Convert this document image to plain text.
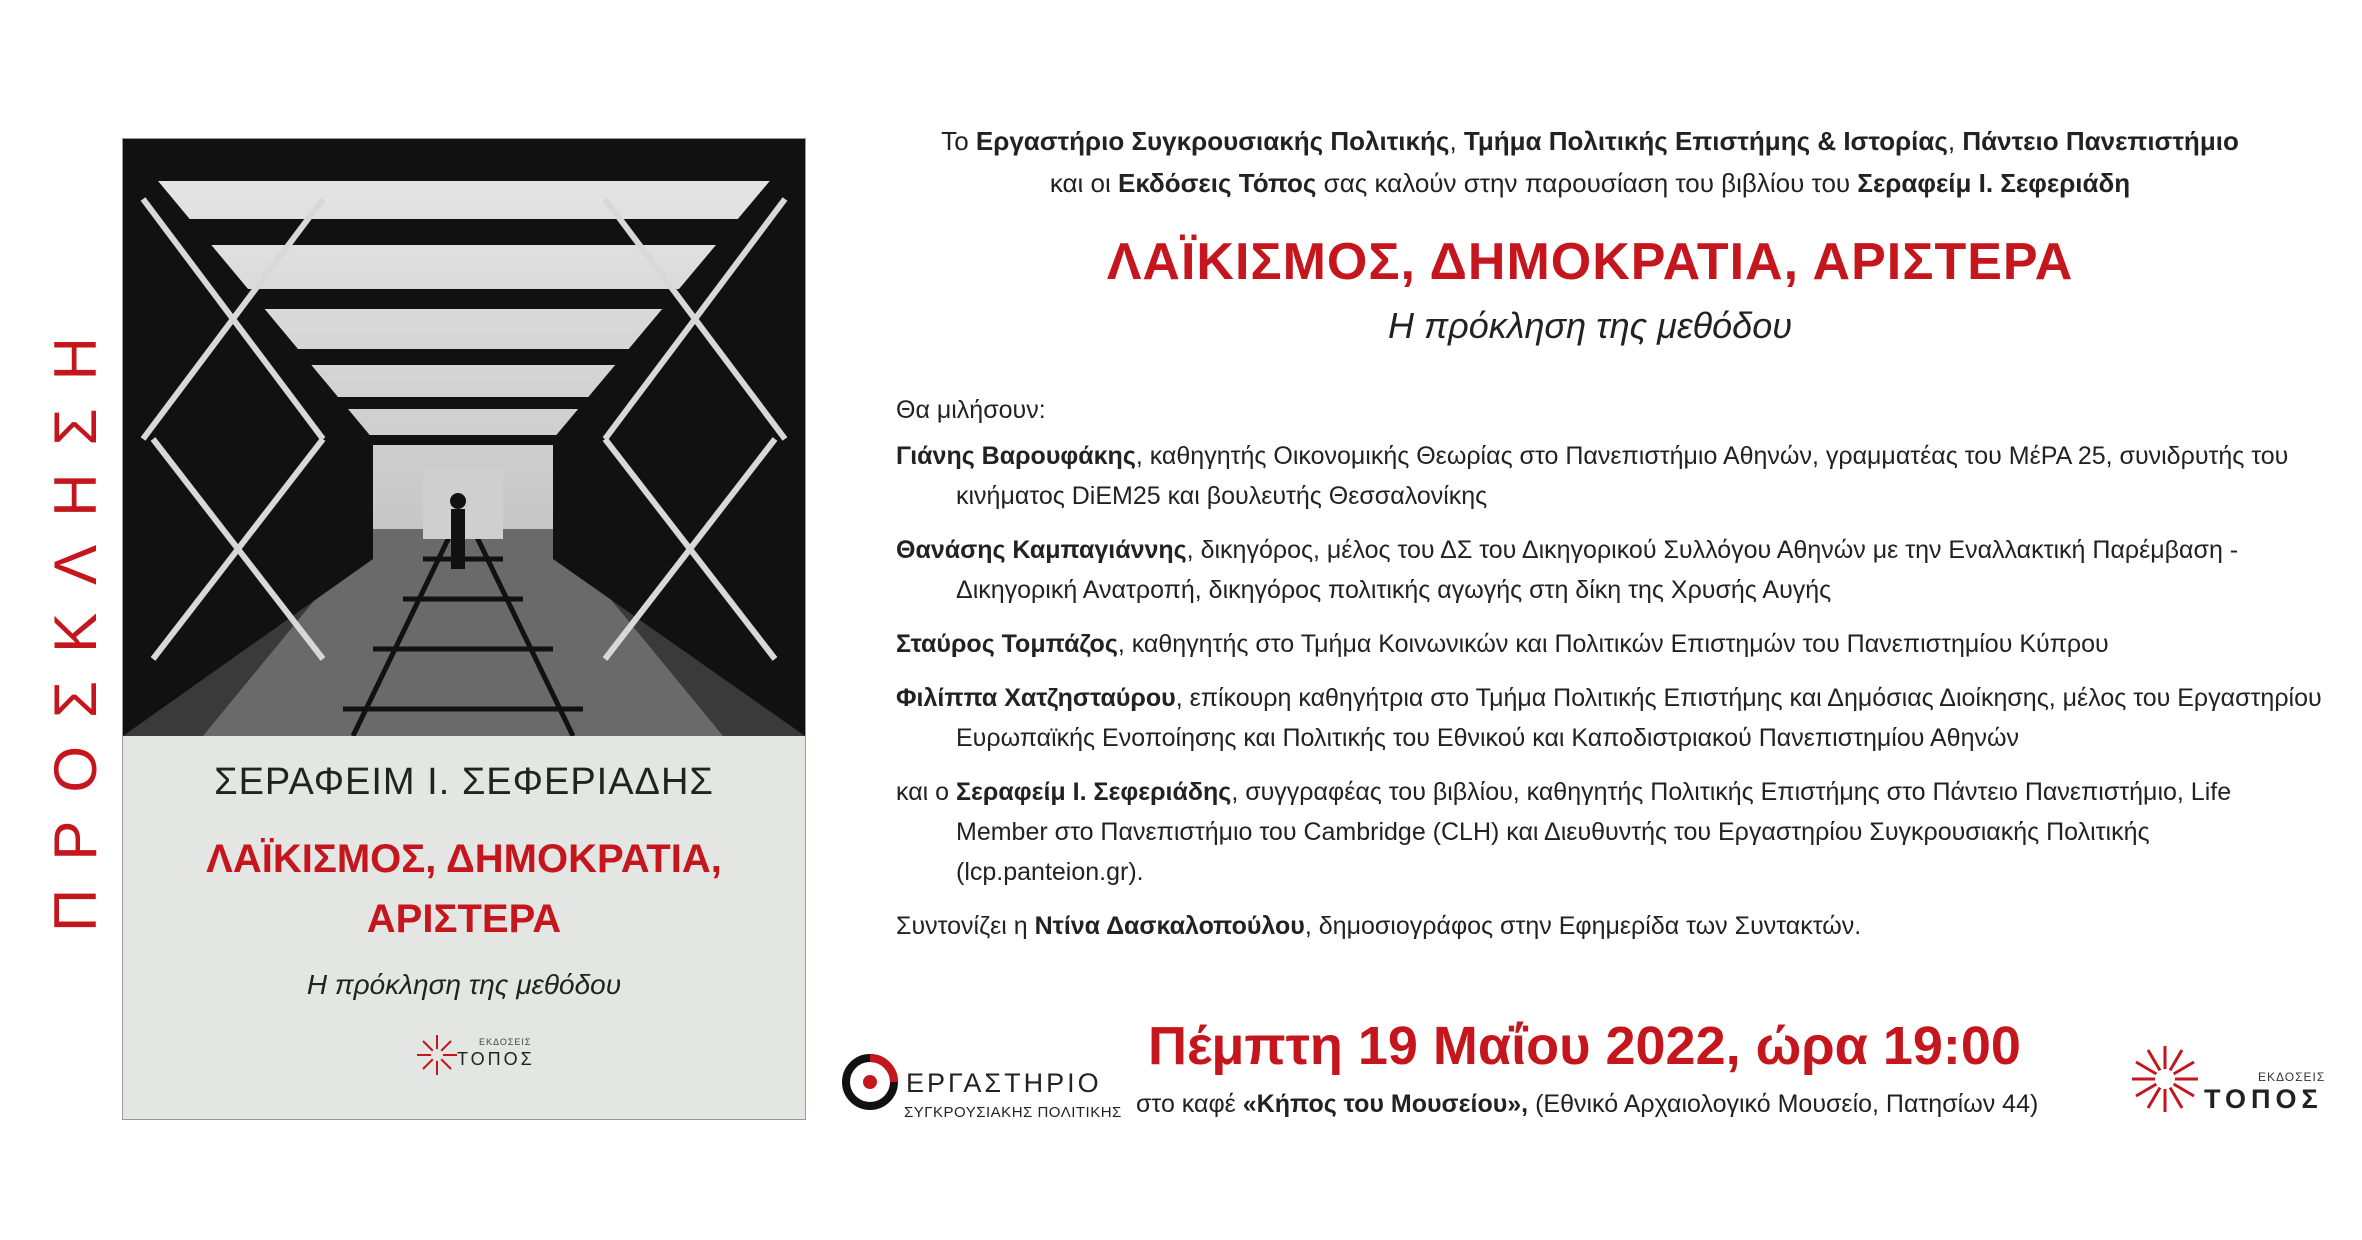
ΠΡΟΣΚΛΗΣΗ	ΣΕΡΑΦΕΙΜ Ι. ΣΕΦΕΡΙΑΔΗΣ
ΛΑΪΚΙΣΜΟΣ, ΔΗΜΟΚΡΑΤΙΑ,
ΑΡΙΣΤΕΡΑ
Η πρόκληση της μεθόδου
ΕΚΔΟΣΕΙΣ
ΤΟΠΟΣ
Το Εργαστήριο Συγκρουσιακής Πολιτικής, Τμήμα Πολιτικής Επιστήμης & Ιστορίας, Πάντειο Πανεπιστήμιο
και οι Εκδόσεις Τόπος σας καλούν στην παρουσίαση του βιβλίου του Σεραφείμ Ι. Σεφεριάδη
ΛΑΪΚΙΣΜΟΣ, ΔΗΜΟΚΡΑΤΙΑ, ΑΡΙΣΤΕΡΑ
Η πρόκληση της μεθόδου

Θα μιλήσουν:

Γιάνης Βαρουφάκης, καθηγητής Οικονομικής Θεωρίας στο Πανεπιστήμιο Αθηνών, γραμματέας του ΜέΡΑ 25, συνιδρυτής του κινήματος DiEM25 και βουλευτής Θεσσαλονίκης

Θανάσης Καμπαγιάννης, δικηγόρος, μέλος του ΔΣ του Δικηγορικού Συλλόγου Αθηνών με την Εναλλακτική Παρέμβαση - Δικηγορική Ανατροπή, δικηγόρος πολιτικής αγωγής στη δίκη της Χρυσής Αυγής

Σταύρος Τομπάζος, καθηγητής στο Τμήμα Κοινωνικών και Πολιτικών Επιστημών του Πανεπιστημίου Κύπρου

Φιλίππα Χατζησταύρου, επίκουρη καθηγήτρια στο Τμήμα Πολιτικής Επιστήμης και Δημόσιας Διοίκησης, μέλος του Εργαστηρίου Ευρωπαϊκής Ενοποίησης και Πολιτικής του Εθνικού και Καποδιστριακού Πανεπιστημίου Αθηνών

και ο Σεραφείμ Ι. Σεφεριάδης, συγγραφέας του βιβλίου, καθηγητής Πολιτικής Επιστήμης στο Πάντειο Πανεπιστήμιο, Life Member στο Πανεπιστήμιο του Cambridge (CLH) και Διευθυντής του Εργαστηρίου Συγκρουσιακής Πολιτικής (lcp.panteion.gr).

Συντονίζει η Ντίνα Δασκαλοπούλου, δημοσιογράφος στην Εφημερίδα των Συντακτών.

Πέμπτη 19 Μαΐου 2022, ώρα 19:00
στο καφέ «Κήπος του Μουσείου», (Εθνικό Αρχαιολογικό Μουσείο, Πατησίων 44)
ΕΡΓΑΣΤΗΡΙΟ
ΣΥΓΚΡΟΥΣΙΑΚΗΣ ΠΟΛΙΤΙΚΗΣ
ΕΚΔΟΣΕΙΣ
ΤΟΠΟΣ
